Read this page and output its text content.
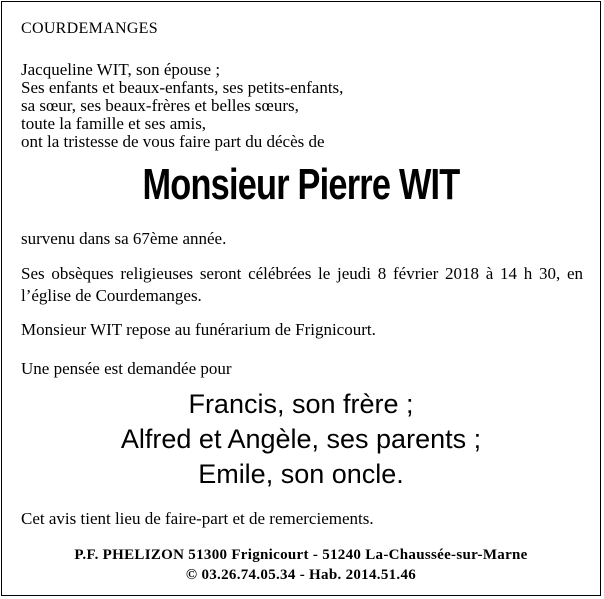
COURDEMANGES
Jacqueline WIT, son épouse ;
Ses enfants et beaux-enfants, ses petits-enfants,
sa sœur, ses beaux-frères et belles sœurs,
toute la famille et ses amis,
ont la tristesse de vous faire part du décès de
Monsieur Pierre WIT
survenu dans sa 67ème année.
Ses obsèques religieuses seront célébrées le jeudi 8 février 2018 à 14 h 30, en l’église de Courdemanges.
Monsieur WIT repose au funérarium de Frignicourt.
Une pensée est demandée pour
Francis, son frère ;
Alfred et Angèle, ses parents ;
Emile, son oncle.
Cet avis tient lieu de faire-part et de remerciements.
P.F. PHELIZON 51300 Frignicourt - 51240 La-Chaussée-sur-Marne
© 03.26.74.05.34 - Hab. 2014.51.46
